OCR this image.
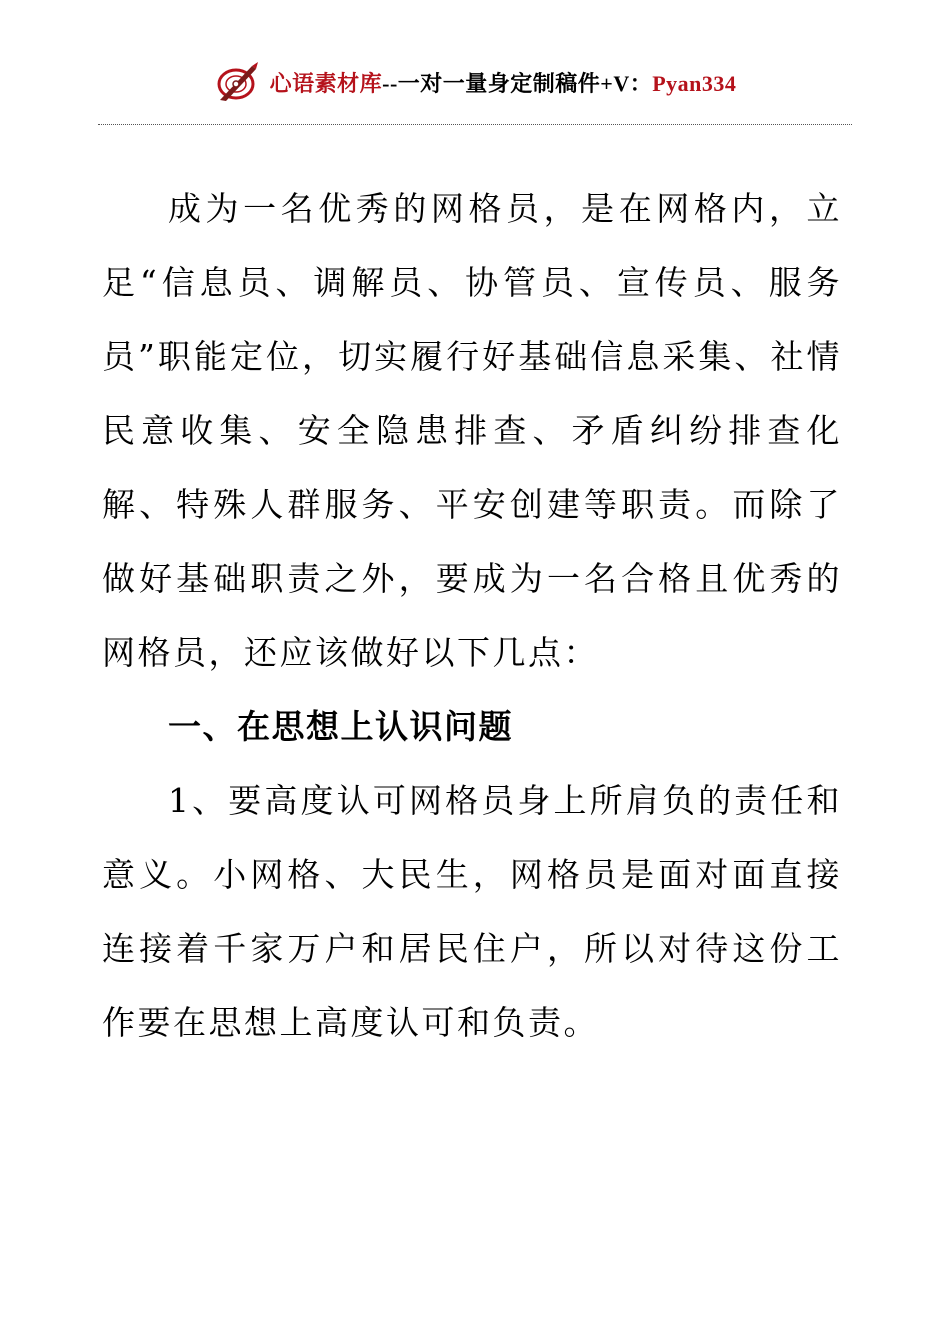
心语素材库--一对一量身定制稿件+V：Pyan334

成为一名优秀的网格员，是在网格内，立足“信息员、调解员、协管员、宣传员、服务员”职能定位，切实履行好基础信息采集、社情民意收集、安全隐患排查、矛盾纠纷排查化解、特殊人群服务、平安创建等职责。而除了做好基础职责之外，要成为一名合格且优秀的网格员，还应该做好以下几点：

一、在思想上认识问题

1、要高度认可网格员身上所肩负的责任和意义。小网格、大民生，网格员是面对面直接连接着千家万户和居民住户，所以对待这份工作要在思想上高度认可和负责。
